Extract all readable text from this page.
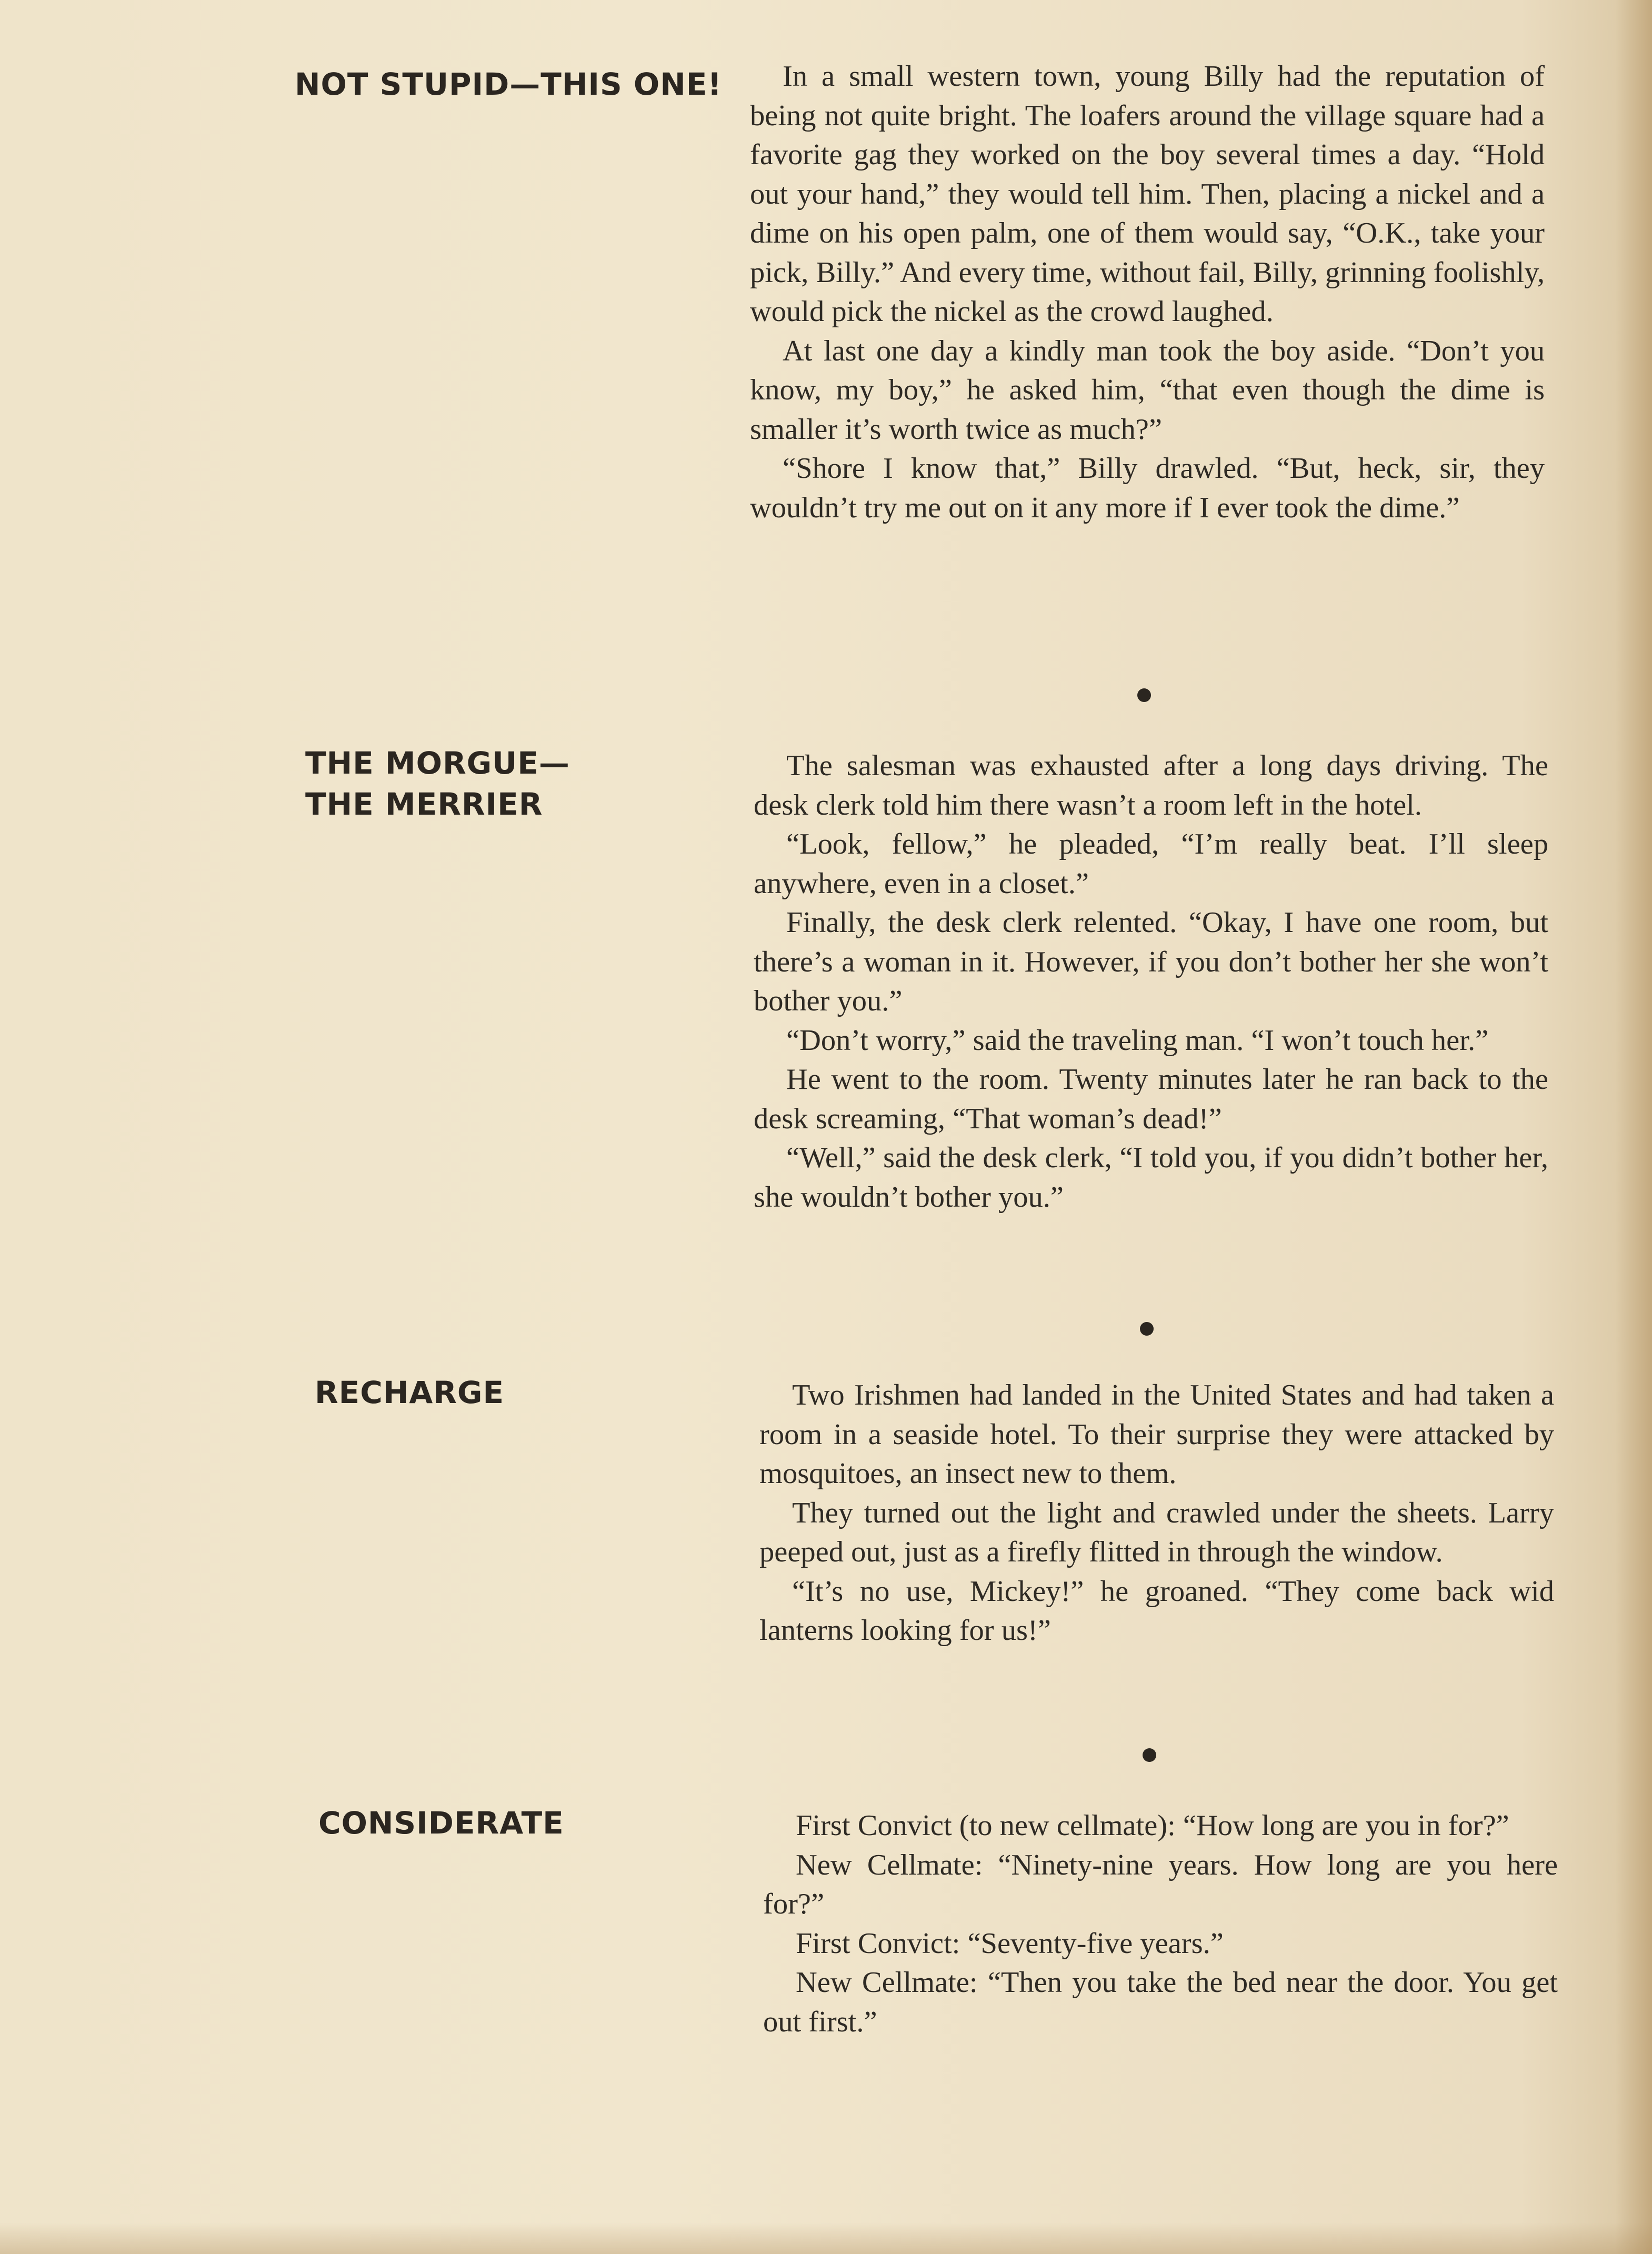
NOT STUPID—THIS ONE!	In a small western town, young Billy had the reputation of being not quite bright. The loafers around the village square had a favorite gag they worked on the boy several times a day. “Hold out your hand,” they would tell him. Then, placing a nickel and a dime on his open palm, one of them would say, “O.K., take your pick, Billy.” And every time, without fail, Billy, grinning foolishly, would pick the nickel as the crowd laughed.

At last one day a kindly man took the boy aside. “Don’t you know, my boy,” he asked him, “that even though the dime is smaller it’s worth twice as much?”

“Shore I know that,” Billy drawled. “But, heck, sir, they wouldn’t try me out on it any more if I ever took the dime.”

THE MORGUE—
THE MERRIER

The salesman was exhausted after a long days driving. The desk clerk told him there wasn’t a room left in the hotel.

“Look, fellow,” he pleaded, “I’m really beat. I’ll sleep anywhere, even in a closet.”

Finally, the desk clerk relented. “Okay, I have one room, but there’s a woman in it. However, if you don’t bother her she won’t bother you.”

“Don’t worry,” said the traveling man. “I won’t touch her.”

He went to the room. Twenty minutes later he ran back to the desk screaming, “That woman’s dead!”

“Well,” said the desk clerk, “I told you, if you didn’t bother her, she wouldn’t bother you.”

RECHARGE	Two Irishmen had landed in the United States and had taken a room in a seaside hotel. To their surprise they were attacked by mosquitoes, an insect new to them.

They turned out the light and crawled under the sheets. Larry peeped out, just as a firefly flitted in through the window.

“It’s no use, Mickey!” he groaned. “They come back wid lanterns looking for us!”

CONSIDERATE	First Convict (to new cellmate): “How long are you in for?”

New Cellmate: “Ninety-nine years. How long are you here for?”

First Convict: “Seventy-five years.”

New Cellmate: “Then you take the bed near the door. You get out first.”
